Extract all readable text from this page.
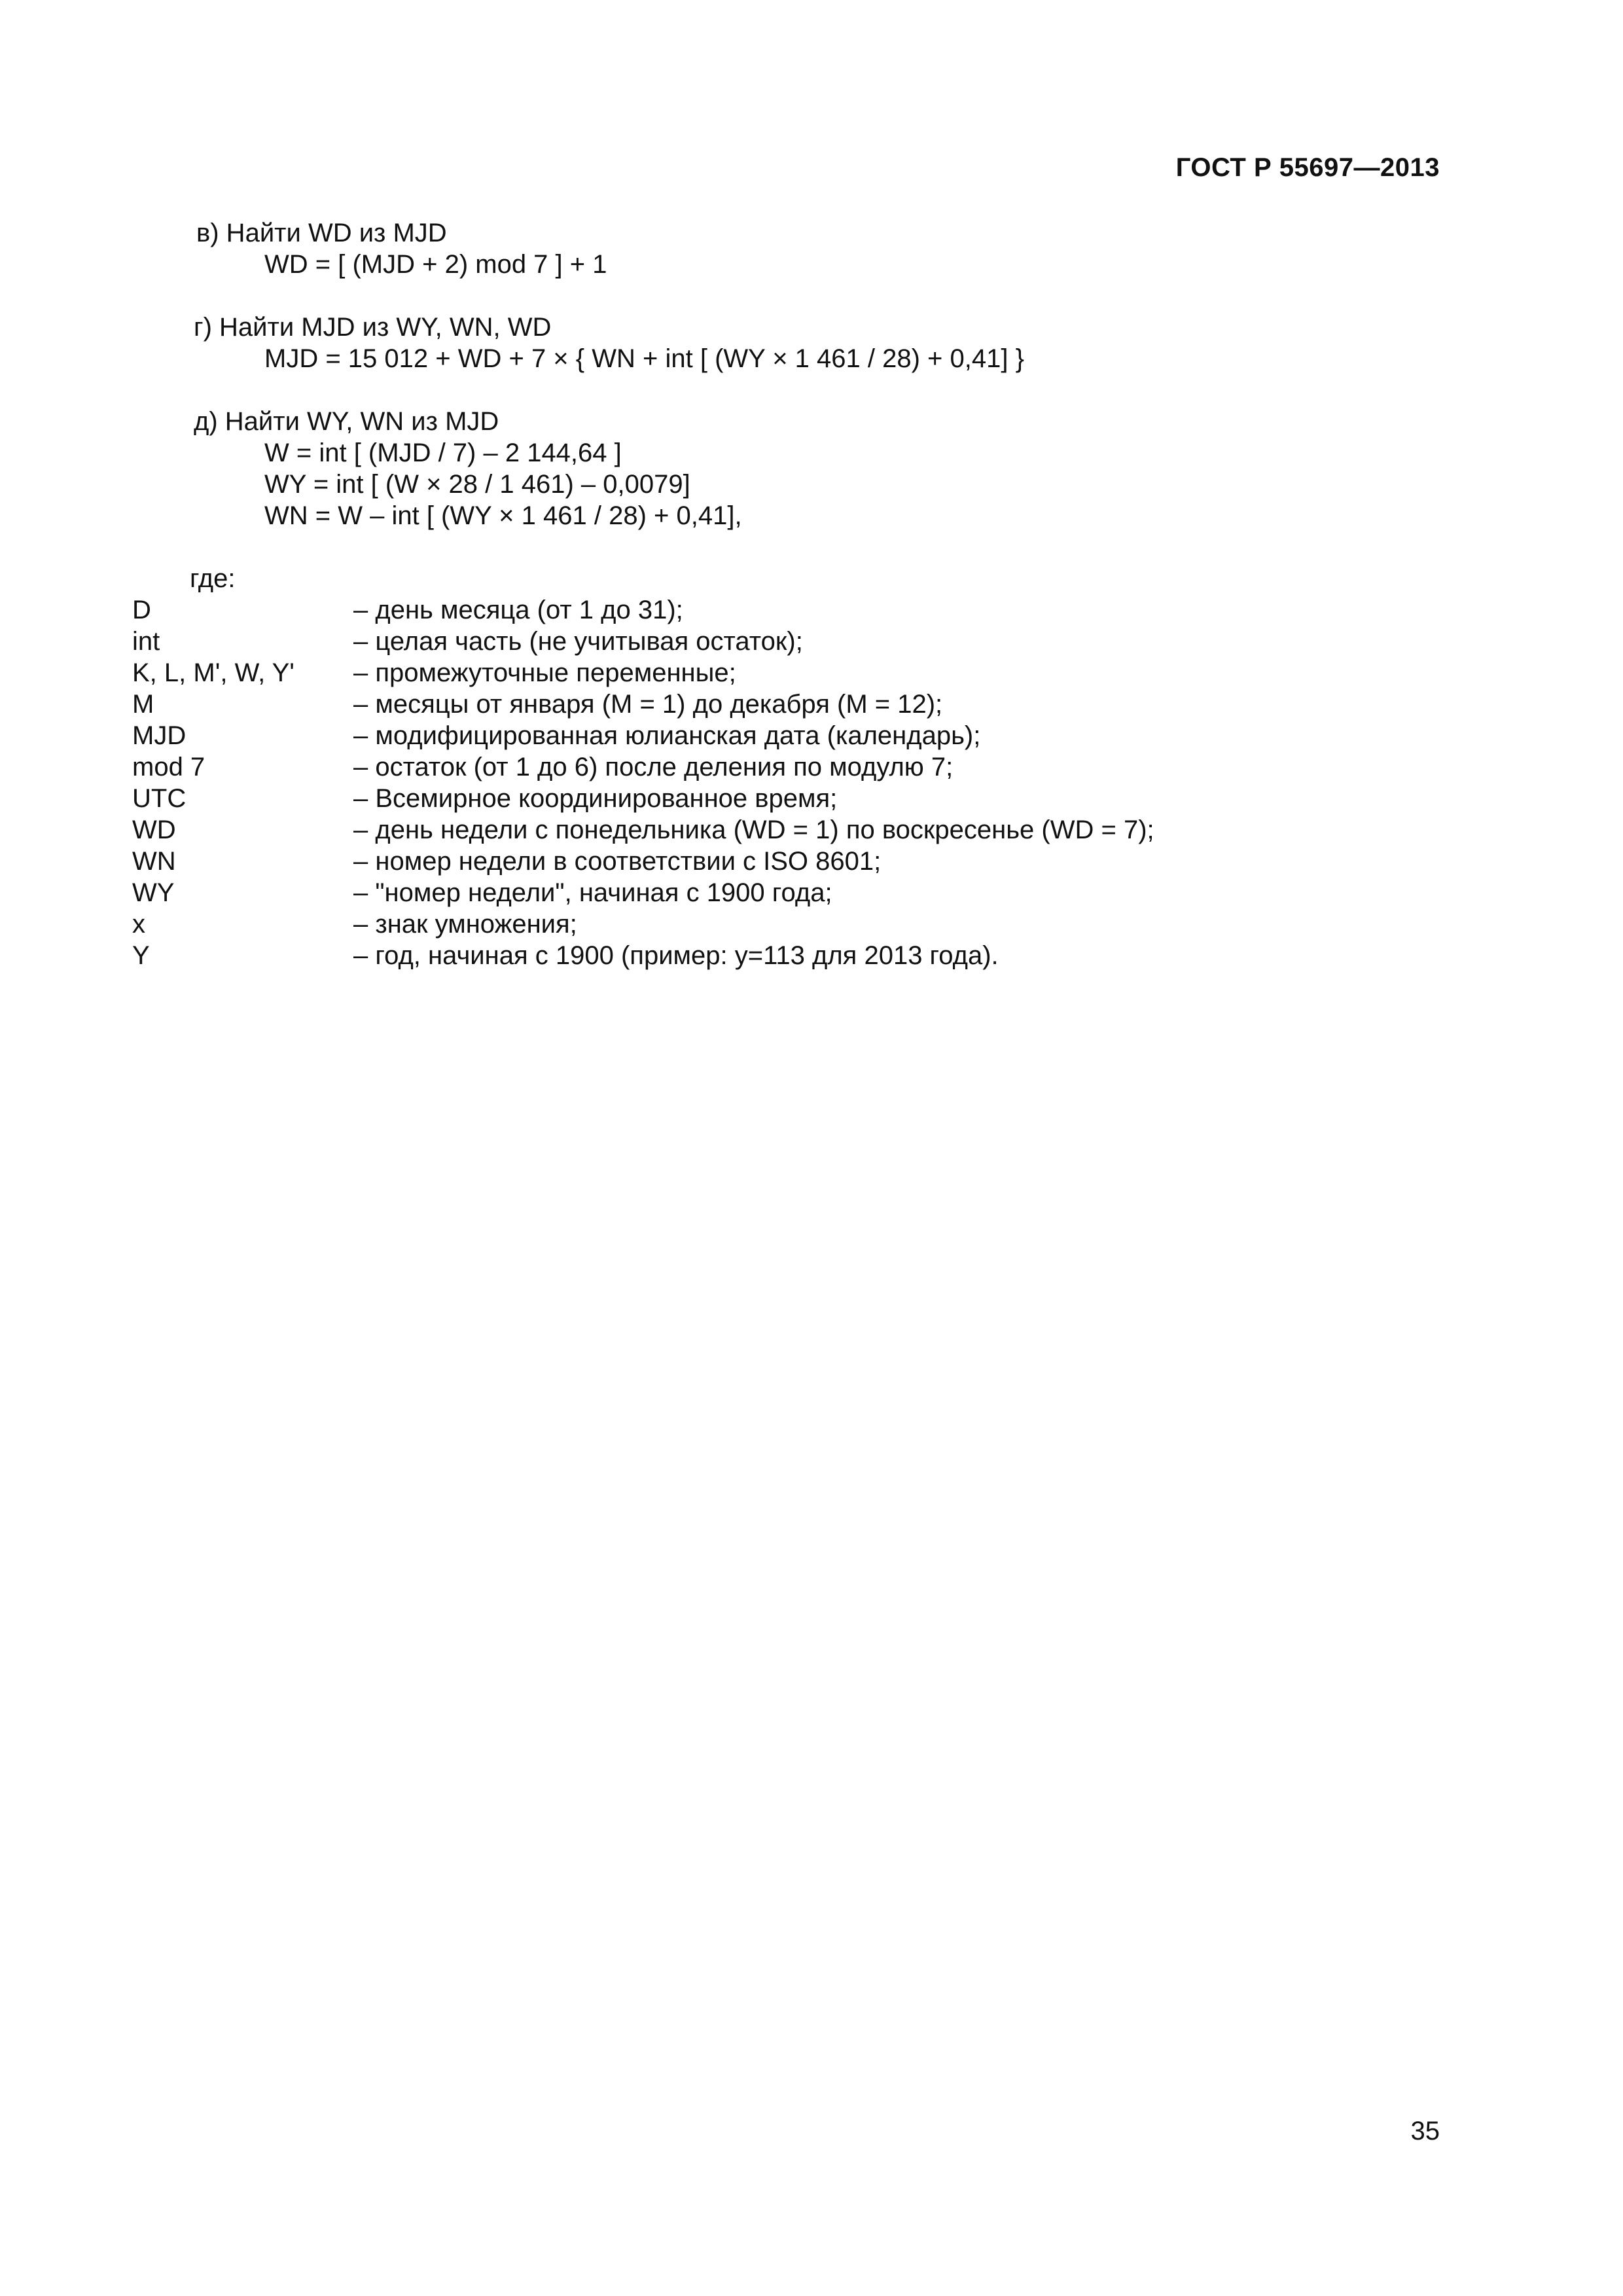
ГОСТ Р 55697—2013
в) Найти WD из MJD
WD = [ (MJD + 2) mod 7 ] + 1
г) Найти MJD из WY, WN, WD
MJD = 15 012 + WD + 7 × { WN + int [ (WY × 1 461 / 28) + 0,41] }
д) Найти WY, WN из MJD
W = int [ (MJD / 7) – 2 144,64 ]
WY = int [ (W × 28 / 1 461) – 0,0079]
WN = W – int [ (WY × 1 461 / 28) + 0,41],
где:
D	– день месяца (от 1 до 31);
int	– целая часть (не учитывая остаток);
K, L, M', W, Y' – промежуточные переменные;
M	– месяцы от января (M = 1) до декабря (M = 12);
MJD	– модифицированная юлианская дата (календарь);
mod 7	– остаток (от 1 до 6) после деления по модулю 7;
UTC	– Всемирное координированное время;
WD	– день недели с понедельника (WD = 1) по воскресенье (WD = 7);
WN	– номер недели в соответствии с ISO 8601;
WY	– "номер недели", начиная с 1900 года;
x	– знак умножения;
Y	– год, начиная с 1900 (пример: y=113 для 2013 года).
35
